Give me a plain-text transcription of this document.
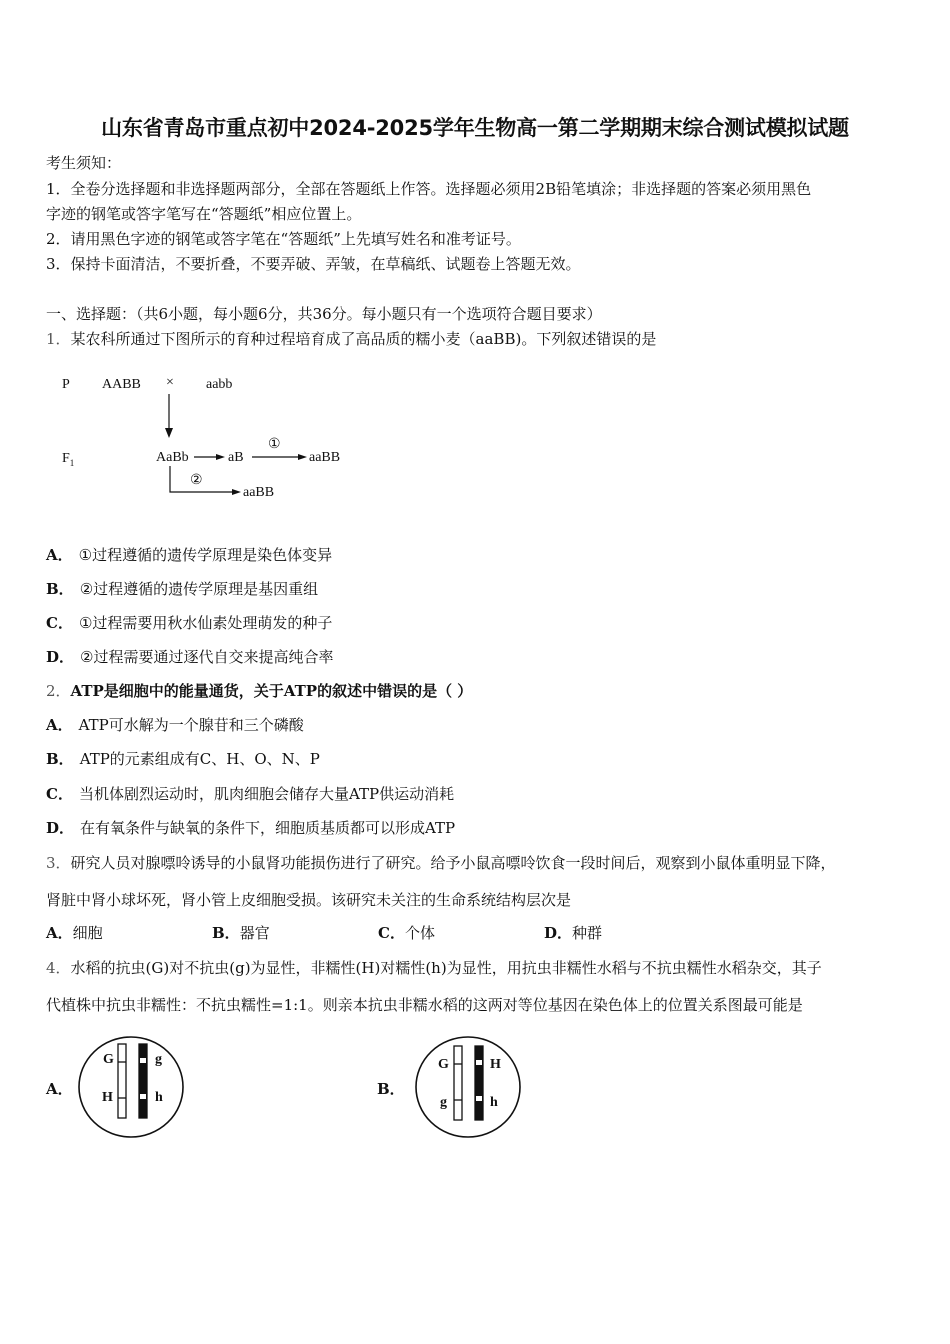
山东省青岛市重点初中2024-2025学年生物高一第二学期期末综合测试模拟试题
考生须知：
1．全卷分选择题和非选择题两部分，全部在答题纸上作答。选择题必须用2B铅笔填涂；非选择题的答案必须用黑色
字迹的钢笔或答字笔写在“答题纸”相应位置上。
2．请用黑色字迹的钢笔或答字笔在“答题纸”上先填写姓名和准考证号。
3．保持卡面清洁，不要折叠，不要弄破、弄皱，在草稿纸、试题卷上答题无效。
一、选择题：（共6小题，每小题6分，共36分。每小题只有一个选项符合题目要求）
1．某农科所通过下图所示的育种过程培育成了高品质的糯小麦（aaBB)。下列叙述错误的是
P AABB × aabb
$F_1$	AaBb	aB
①
aaBB
②
aaBB
A． ①过程遵循的遗传学原理是染色体变异
B． ②过程遵循的遗传学原理是基因重组
C． ①过程需要用秋水仙素处理萌发的种子
D． ②过程需要通过逐代自交来提高纯合率
2．ATP是细胞中的能量通货，关于ATP的叙述中错误的是（ ）
A． ATP可水解为一个腺苷和三个磷酸
B． ATP的元素组成有C、H、O、N、P
C． 当机体剧烈运动时，肌肉细胞会储存大量ATP供运动消耗
D． 在有氧条件与缺氧的条件下，细胞质基质都可以形成ATP
3．研究人员对腺嘌呤诱导的小鼠肾功能损伤进行了研究。给予小鼠高嘌呤饮食一段时间后，观察到小鼠体重明显下降，
肾脏中肾小球坏死，肾小管上皮细胞受损。该研究未关注的生命系统结构层次是
A．细胞	B．器官	C．个体	D．种群
4．水稻的抗虫(G)对不抗虫(g)为显性，非糯性(H)对糯性(h)为显性，用抗虫非糯性水稻与不抗虫糯性水稻杂交，其子
代植株中抗虫非糯性：不抗虫糯性=1:1。则亲本抗虫非糯水稻的这两对等位基因在染色体上的位置关系图最可能是
A．
G
H
g
h	B．
G
g
H
h
